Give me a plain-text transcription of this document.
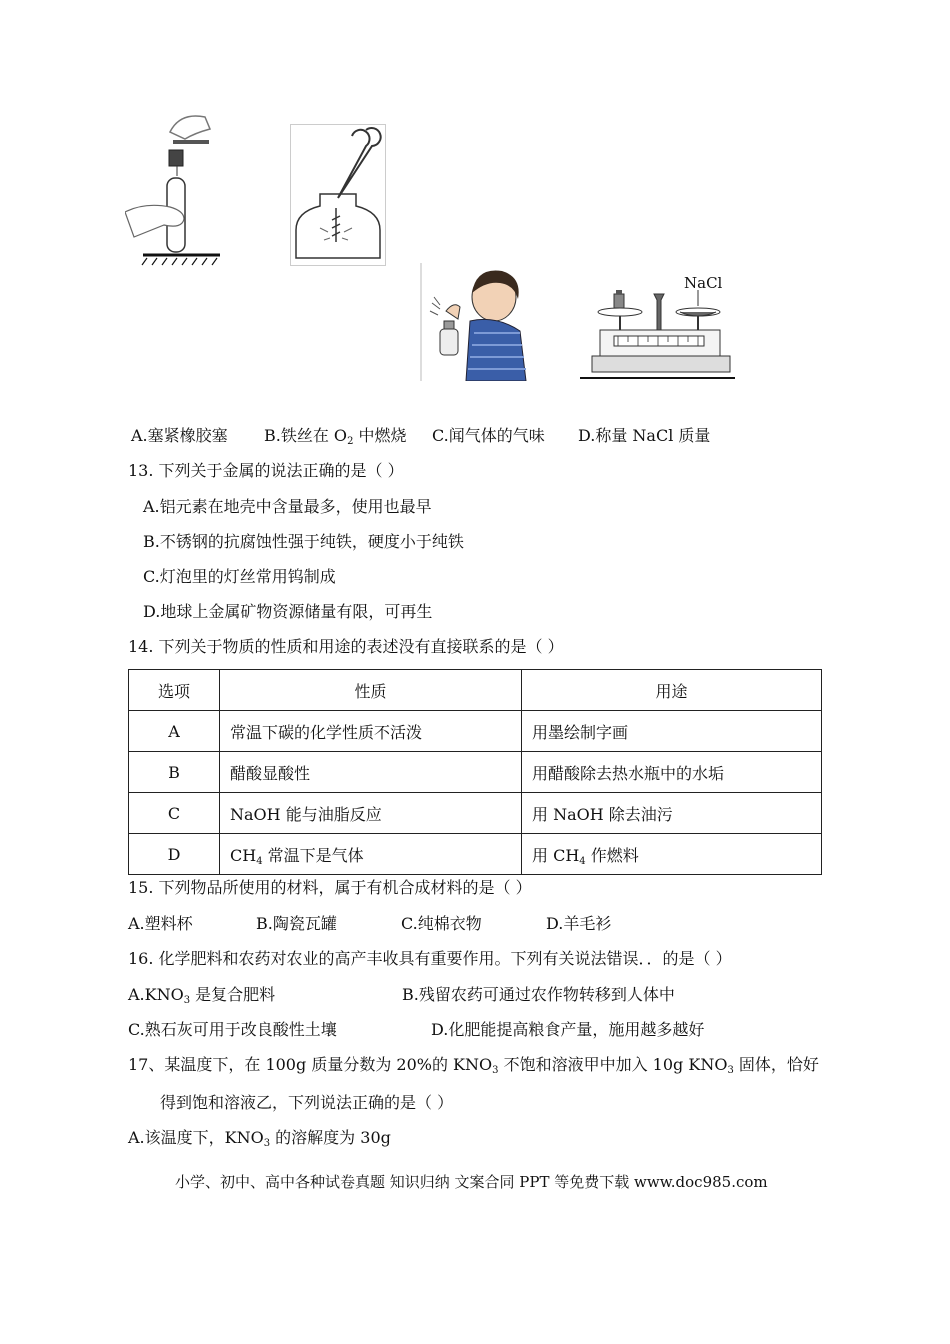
NaCl
A.塞紧橡胶塞 B.铁丝在 $O_2$ 中燃烧 C.闻气体的气味 D.称量 NaCl 质量
13. 下列关于金属的说法正确的是（ ）
A.铝元素在地壳中含量最多，使用也最早
B.不锈钢的抗腐蚀性强于纯铁，硬度小于纯铁
C.灯泡里的灯丝常用钨制成
D.地球上金属矿物资源储量有限，可再生
14. 下列关于物质的性质和用途的表述没有直接联系的是（ ）
选项	性质	用途
A	常温下碳的化学性质不活泼	用墨绘制字画
B	醋酸显酸性	用醋酸除去热水瓶中的水垢
C	NaOH 能与油脂反应	用 NaOH 除去油污
D	$CH_4$ 常温下是气体	用 $CH_4$ 作燃料
15. 下列物品所使用的材料，属于有机合成材料的是（ ）
A.塑料杯	B.陶瓷瓦罐	C.纯棉衣物	D.羊毛衫
16. 化学肥料和农药对农业的高产丰收具有重要作用。下列有关说法错误．．的是（ ）
$A.KNO_3$ 是复合肥料	B.残留农药可通过农作物转移到人体中
C.熟石灰可用于改良酸性土壤	D.化肥能提高粮食产量，施用越多越好
17、某温度下，在 100g 质量分数为 20%的 $KNO_3$ 不饱和溶液甲中加入 10g $KNO_3$ 固体，恰好
得到饱和溶液乙，下列说法正确的是（ ）
A.该温度下，$KNO_3$ 的溶解度为 30g
小学、初中、高中各种试卷真题 知识归纳 文案合同 PPT 等免费下载 www.doc985.com
